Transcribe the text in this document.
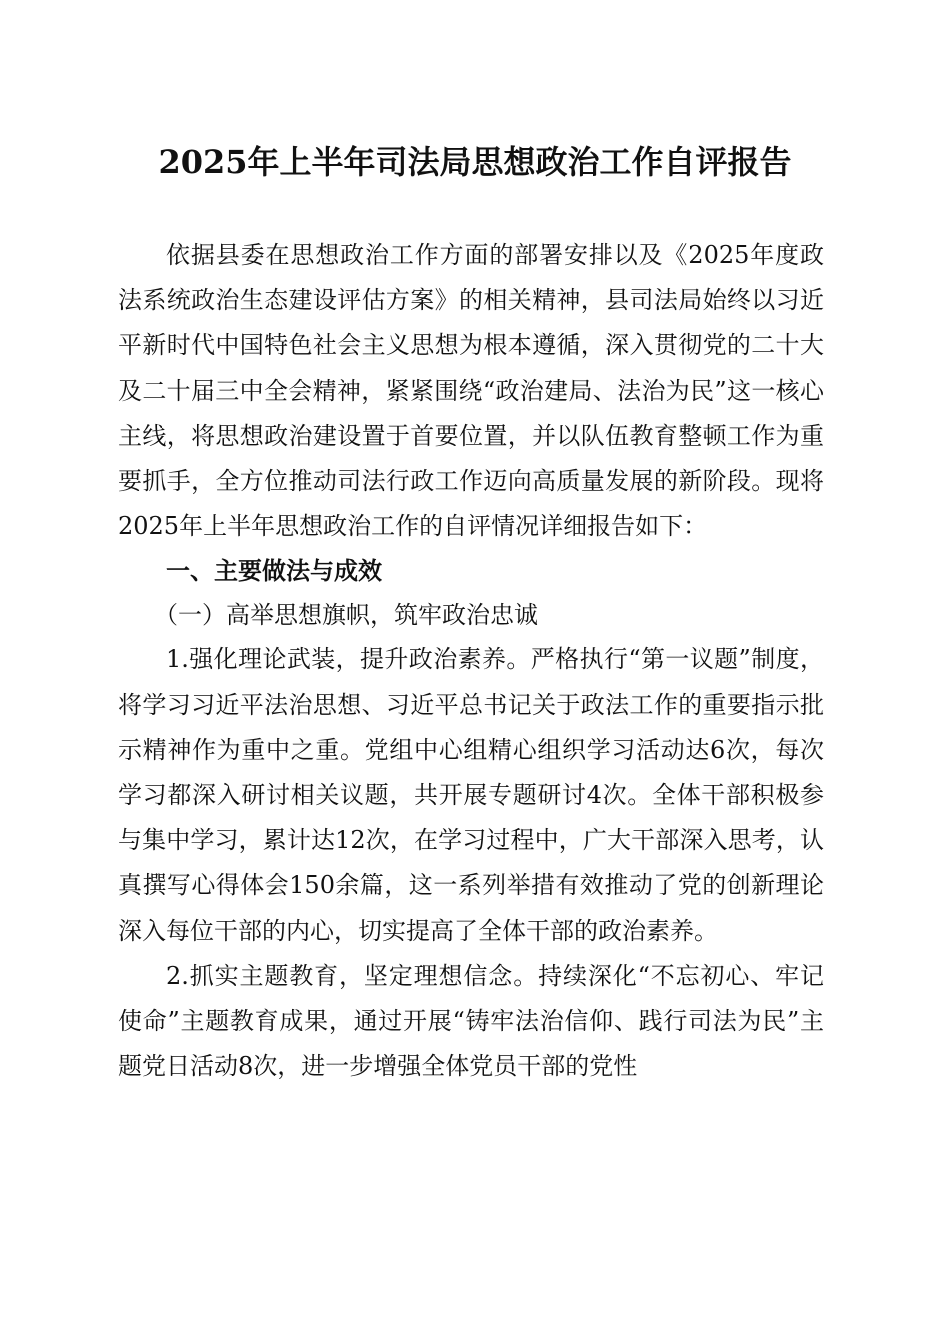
2025年上半年司法局思想政治工作自评报告

依据县委在思想政治工作方面的部署安排以及《2025年度政法系统政治生态建设评估方案》的相关精神，县司法局始终以习近平新时代中国特色社会主义思想为根本遵循，深入贯彻党的二十大及二十届三中全会精神，紧紧围绕“政治建局、法治为民”这一核心主线，将思想政治建设置于首要位置，并以队伍教育整顿工作为重要抓手，全方位推动司法行政工作迈向高质量发展的新阶段。现将2025年上半年思想政治工作的自评情况详细报告如下：

一、主要做法与成效

（一）高举思想旗帜，筑牢政治忠诚

1.强化理论武装，提升政治素养。严格执行“第一议题”制度，将学习习近平法治思想、习近平总书记关于政法工作的重要指示批示精神作为重中之重。党组中心组精心组织学习活动达6次，每次学习都深入研讨相关议题，共开展专题研讨4次。全体干部积极参与集中学习，累计达12次，在学习过程中，广大干部深入思考，认真撰写心得体会150余篇，这一系列举措有效推动了党的创新理论深入每位干部的内心，切实提高了全体干部的政治素养。

2.抓实主题教育，坚定理想信念。持续深化“不忘初心、牢记使命”主题教育成果，通过开展“铸牢法治信仰、践行司法为民”主题党日活动8次，进一步增强全体党员干部的党性
